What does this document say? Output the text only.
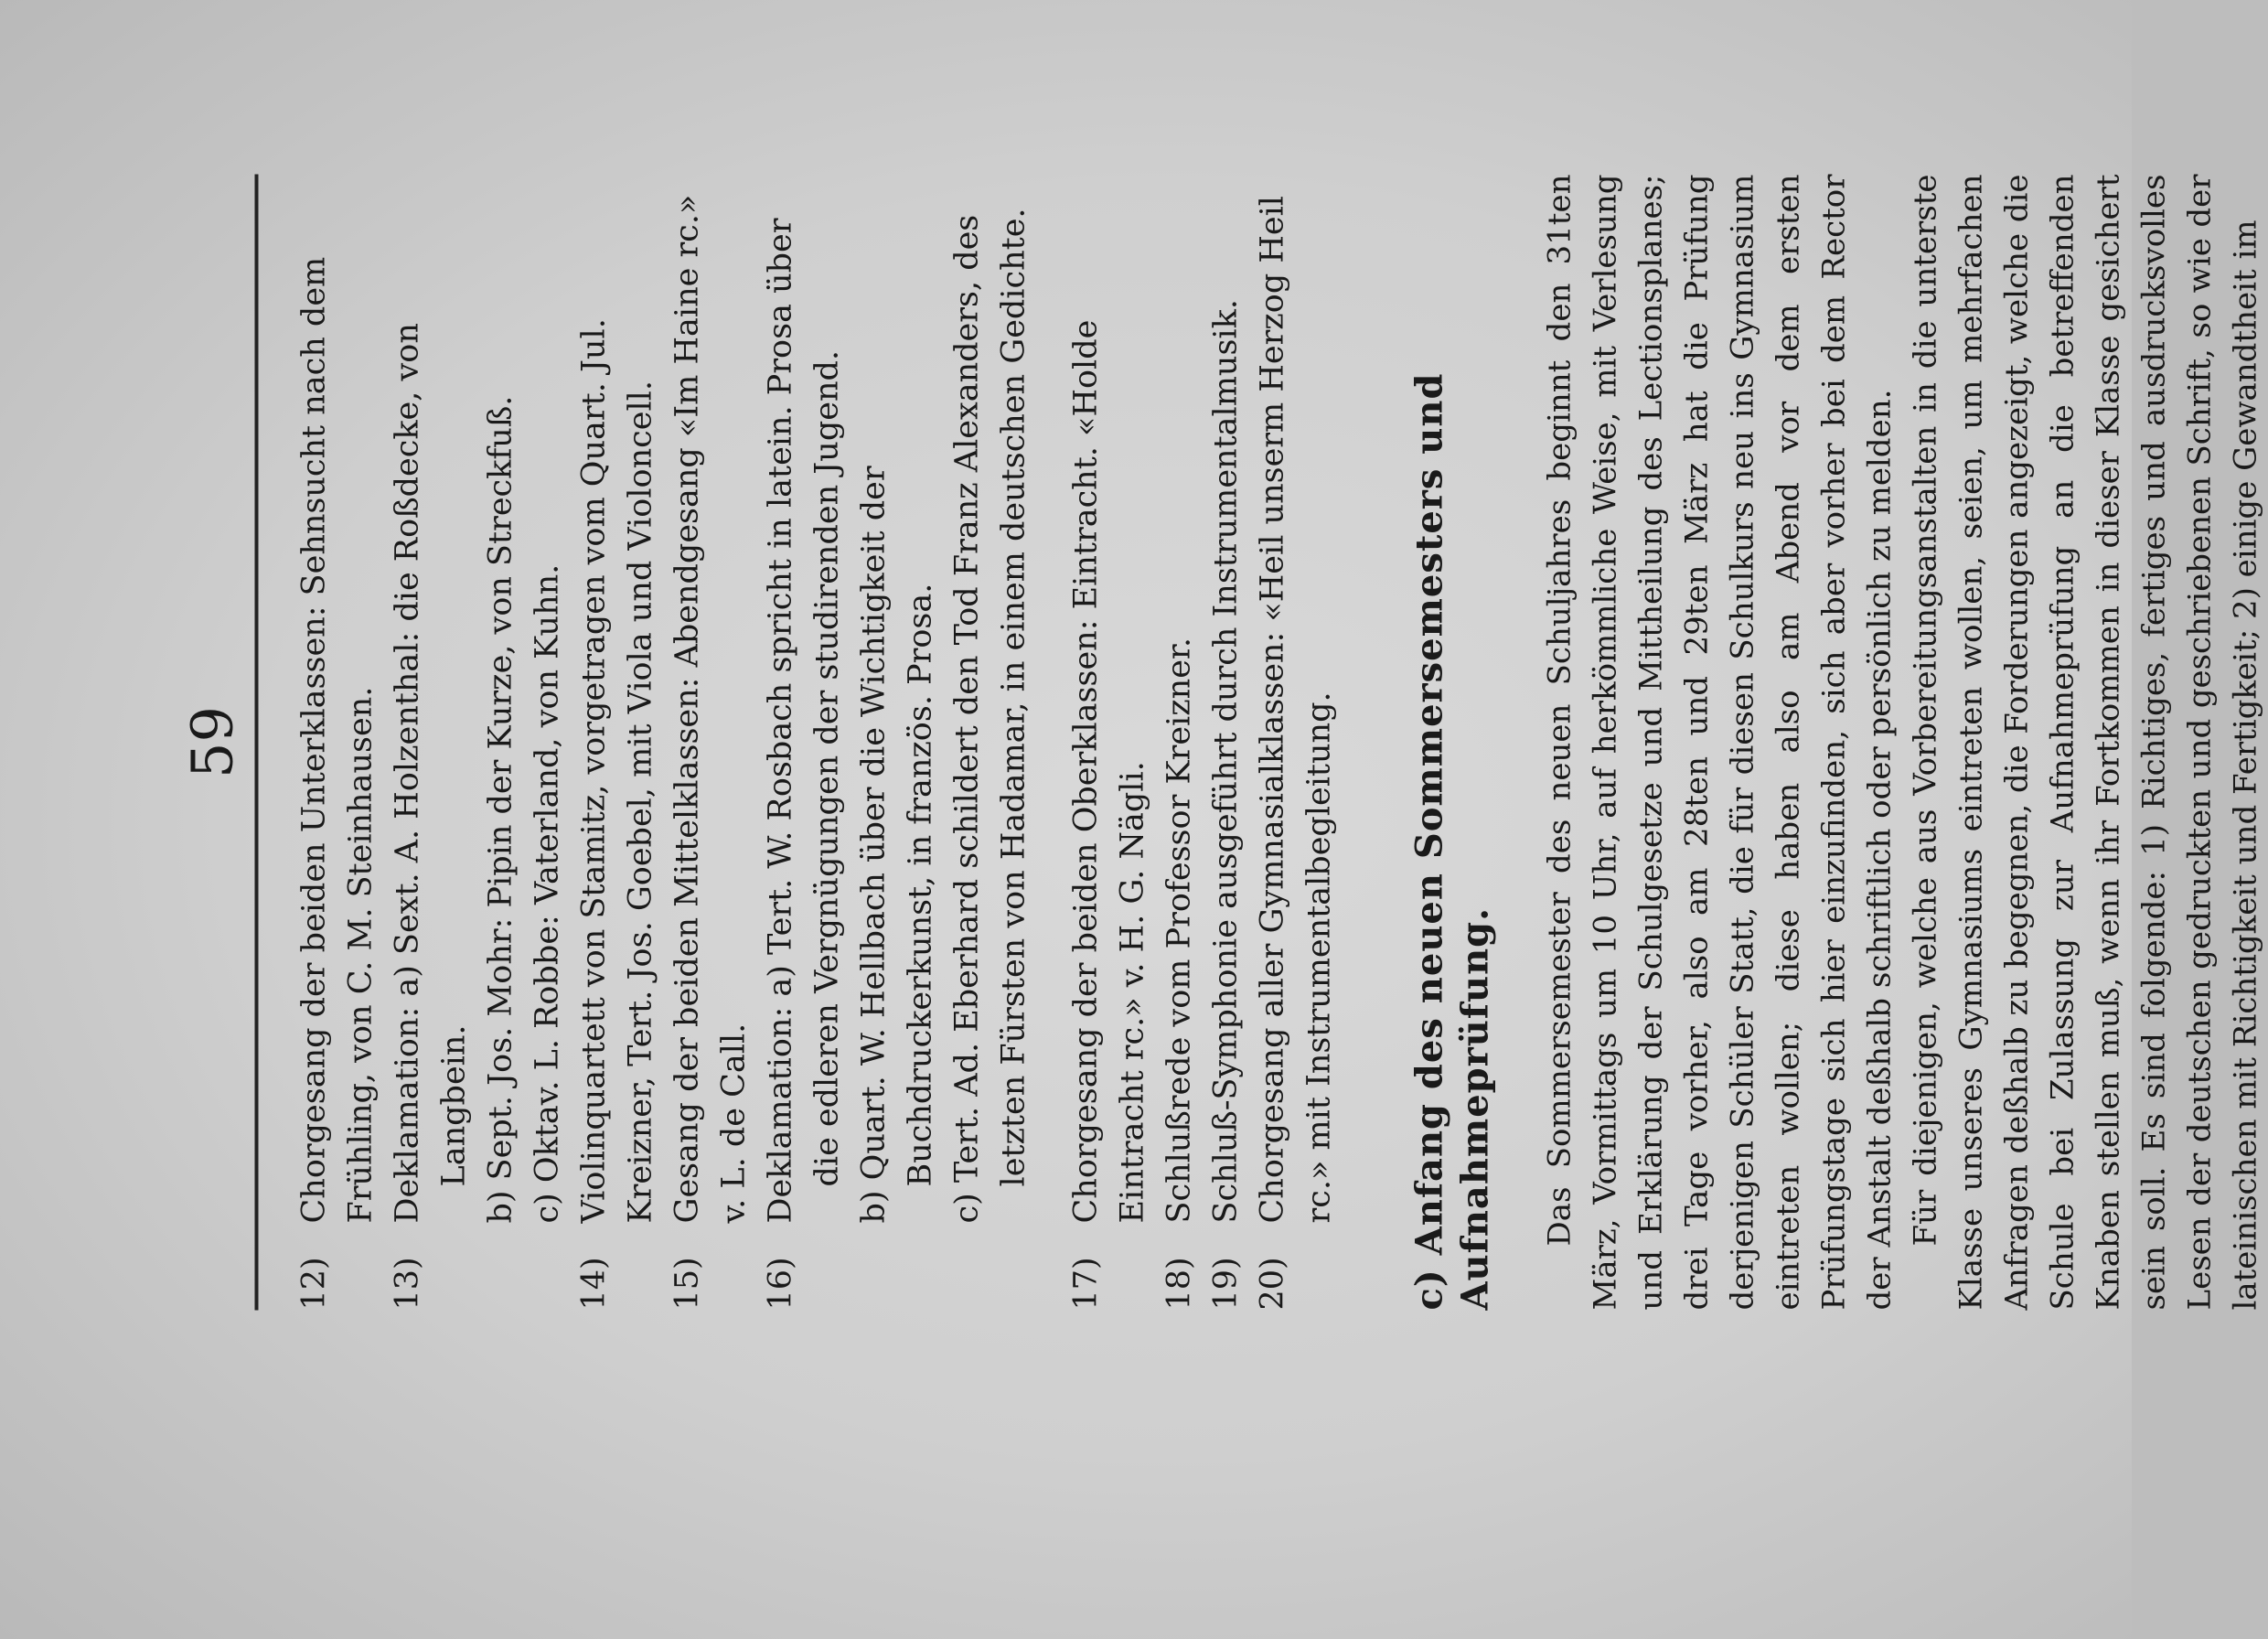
59
12)
Chorgesang der beiden Unterklassen: Sehnsucht nach dem Frühling, von C. M. Steinhausen.
13)
Deklamation: a) Sext. A. Holzenthal: die Roßdecke, von Langbein. b) Sept. Jos. Mohr: Pipin der Kurze, von Streckfuß. c) Oktav. L. Robbe: Vaterland, von Kuhn.
14)
Violinquartett von Stamitz, vorgetragen vom Quart. Jul. Kreizner, Tert. Jos. Goebel, mit Viola und Violoncell.
15)
Gesang der beiden Mittelklassen: Abendgesang «Im Haine rc.» v. L. de Call.
16)
Deklamation: a) Tert. W. Rosbach spricht in latein. Prosa über die edleren Vergnügungen der studirenden Jugend. b) Quart. W. Hellbach über die Wichtigkeit der Buchdruckerkunst, in französ. Prosa. c) Tert. Ad. Eberhard schildert den Tod Franz Alexanders, des letzten Fürsten von Hadamar, in einem deutschen Gedichte.
17)
Chorgesang der beiden Oberklassen: Eintracht. «Holde Eintracht rc.» v. H. G. Nägli.
18)
Schlußrede vom Professor Kreizner.
19)
Schluß-Symphonie ausgeführt durch Instrumentalmusik.
20)
Chorgesang aller Gymnasialklassen: «Heil unserm Herzog Heil rc.» mit Instrumentalbegleitung. c) Anfang des neuen Sommersemesters und Aufnahmeprüfung. Das Sommersemester des neuen Schuljahres beginnt den 31ten März, Vormittags um 10 Uhr, auf herkömmliche Weise, mit Verlesung und Erklärung der Schulgesetze und Mittheilung des Lectionsplanes; drei Tage vorher, also am 28ten und 29ten März hat die Prüfung derjenigen Schüler Statt, die für diesen Schulkurs neu ins Gymnasium eintreten wollen; diese haben also am Abend vor dem ersten Prüfungstage sich hier einzufinden, sich aber vorher bei dem Rector der Anstalt deßhalb schriftlich oder persönlich zu melden. Für diejenigen, welche aus Vorbereitungsanstalten in die unterste Klasse unseres Gymnasiums eintreten wollen, seien, um mehrfachen Anfragen deßhalb zu begegnen, die Forderungen angezeigt, welche die Schule bei Zulassung zur Aufnahmeprüfung an die betreffenden Knaben stellen muß, wenn ihr Fortkommen in dieser Klasse gesichert sein soll. Es sind folgende: 1) Richtiges, fertiges und ausdrucksvolles Lesen der deutschen gedruckten und geschriebenen Schrift, so wie der lateinischen mit Richtigkeit und Fertigkeit; 2) einige Gewandtheit im
